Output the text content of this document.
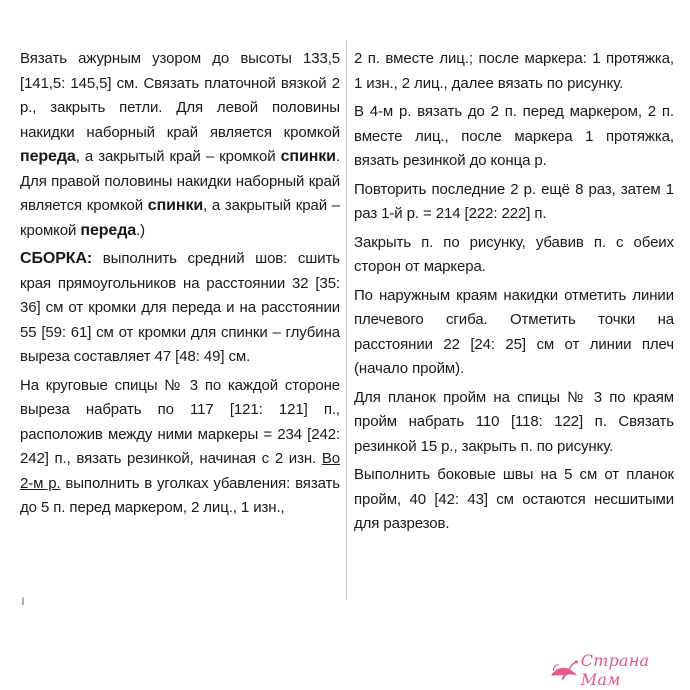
Вязать ажурным узором до высоты 133,5 [141,5: 145,5] см. Связать платочной вязкой 2 р., закрыть петли. Для левой половины накидки наборный край является кромкой переда, а закрытый край – кромкой спинки. Для правой половины накидки наборный край является кромкой спинки, а закрытый край – кромкой переда.)

СБОРКА: выполнить средний шов: сшить края прямоугольников на расстоянии 32 [35: 36] см от кромки для переда и на расстоянии 55 [59: 61] см от кромки для спинки – глубина выреза составляет 47 [48: 49] см.

На круговые спицы № 3 по каждой стороне выреза набрать по 117 [121: 121] п., расположив между ними маркеры = 234 [242: 242] п., вязать резинкой, начиная с 2 изн. Во 2-м р. выполнить в уголках убавления: вязать до 5 п. перед маркером, 2 лиц., 1 изн.,

2 п. вместе лиц.; после маркера: 1 протяжка, 1 изн., 2 лиц., далее вязать по рисунку.

В 4-м р. вязать до 2 п. перед маркером, 2 п. вместе лиц., после маркера 1 протяжка, вязать резинкой до конца р.

Повторить последние 2 р. ещё 8 раз, затем 1 раз 1-й р. = 214 [222: 222] п.

Закрыть п. по рисунку, убавив п. с обеих сторон от маркера.

По наружным краям накидки отметить линии плечевого сгиба. Отметить точки на расстоянии 22 [24: 25] см от линии плеч (начало пройм).

Для планок пройм на спицы № 3 по краям пройм набрать 110 [118: 122] п. Связать резинкой 15 р., закрыть п. по рисунку.

Выполнить боковые швы на 5 см от планок пройм, 40 [42: 43] см остаются несшитыми для разрезов.

ı
Страна Мам
